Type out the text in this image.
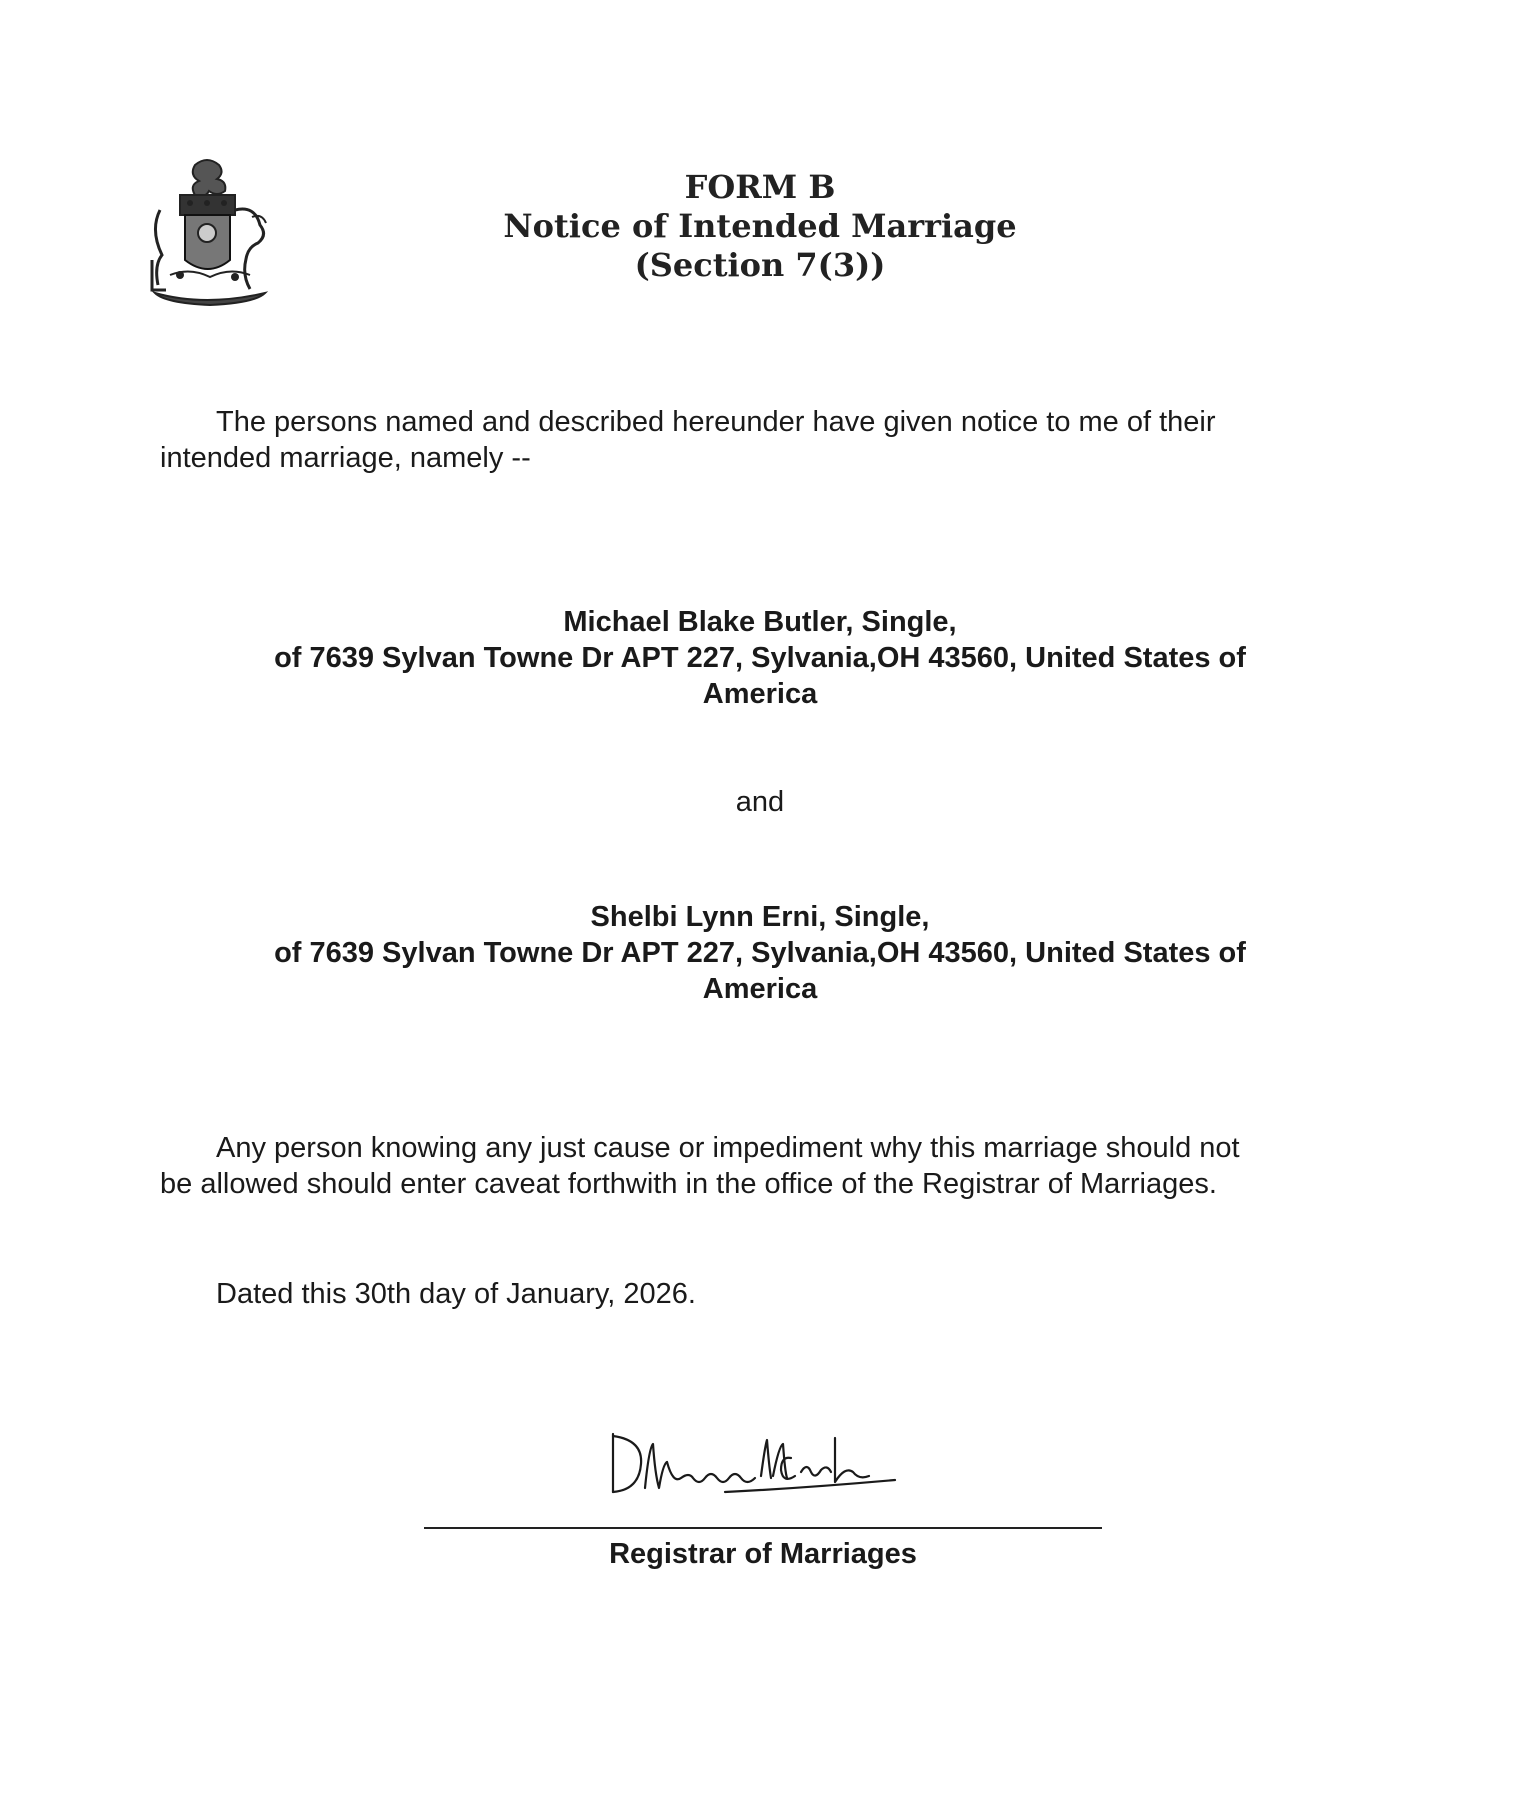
FORM B
Notice of Intended Marriage
(Section 7(3))
The persons named and described hereunder have given notice to me of their
intended marriage, namely --
Michael Blake Butler, Single,
of 7639 Sylvan Towne Dr APT 227, Sylvania,OH 43560, United States of
America
and
Shelbi Lynn Erni, Single,
of 7639 Sylvan Towne Dr APT 227, Sylvania,OH 43560, United States of
America
Any person knowing any just cause or impediment why this marriage should not
be allowed should enter caveat forthwith in the office of the Registrar of Marriages.
Dated this 30th day of January, 2026.
Registrar of Marriages
